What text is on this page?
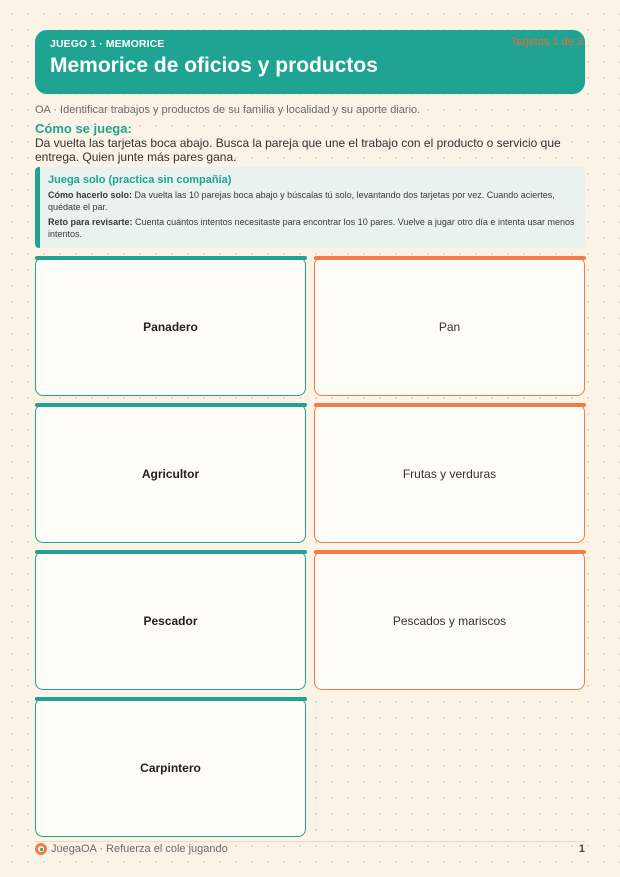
JUEGO 1 · MEMORICE
Memorice de oficios y productos
Tarjetas 1 de 3
OA · Identificar trabajos y productos de su familia y localidad y su aporte diario.
Cómo se juega:
Da vuelta las tarjetas boca abajo. Busca la pareja que une el trabajo con el producto o servicio que entrega. Quien junte más pares gana.
Juega solo (practica sin compañía)

Cómo hacerlo solo: Da vuelta las 10 parejas boca abajo y búscalas tú solo, levantando dos tarjetas por vez. Cuando aciertes, quédate el par.

Reto para revisarte: Cuenta cuántos intentos necesitaste para encontrar los 10 pares. Vuelve a jugar otro día e intenta usar menos intentos.

Panadero	Pan
Agricultor	Frutas y verduras
Pescador	Pescados y mariscos
Carpintero
JuegaOA · Refuerza el cole jugando	1
